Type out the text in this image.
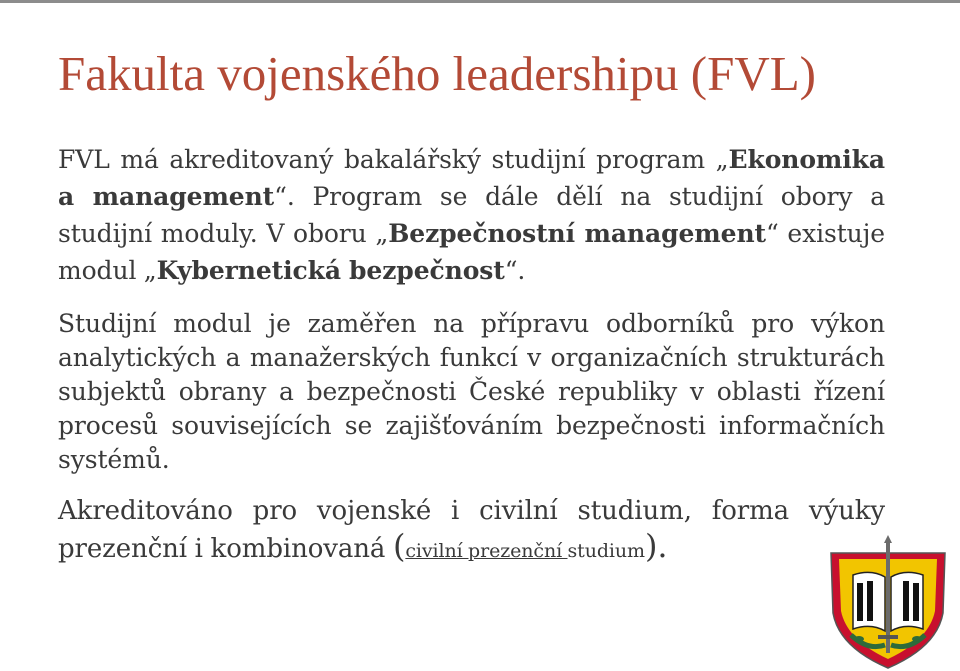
Fakulta vojenského leadershipu (FVL)

FVL má akreditovaný bakalářský studijní program „Ekonomika a management“. Program se dále dělí na studijní obory a studijní moduly. V oboru „Bezpečnostní management“ existuje modul „Kybernetická bezpečnost“.

Studijní modul je zaměřen na přípravu odborníků pro výkon analytických a manažerských funkcí v organizačních strukturách subjektů obrany a bezpečnosti České republiky v oblasti řízení procesů souvisejících se zajišťováním bezpečnosti informačních systémů.

Akreditováno pro vojenské i civilní studium, forma výuky prezenční i kombinovaná (civilní prezenční studium).
